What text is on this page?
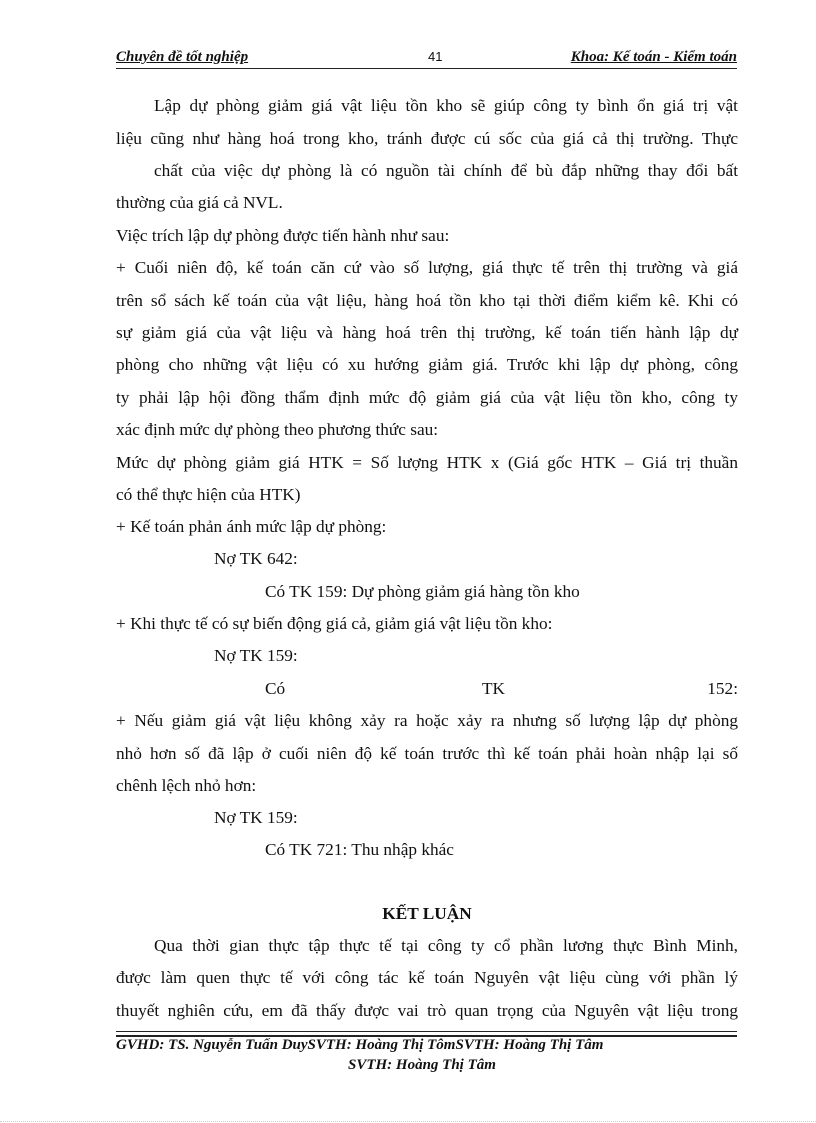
Chuyên đề tốt nghiệp	41	Khoa: Kế toán - Kiểm toán
Lập dự phòng giảm giá vật liệu tồn kho sẽ giúp công ty bình ổn giá trị vật
liệu cũng như hàng hoá trong kho, tránh được cú sốc của giá cả thị trường. Thực
chất của việc dự phòng là có nguồn tài chính để bù đắp những thay đổi bất
thường của giá cả NVL.
Việc trích lập dự phòng được tiến hành như sau:
+ Cuối niên độ, kế toán căn cứ vào số lượng, giá thực tế trên thị trường và giá
trên sổ sách kế toán của vật liệu, hàng hoá tồn kho tại thời điểm kiểm kê. Khi có
sự giảm giá của vật liệu và hàng hoá trên thị trường, kế toán tiến hành lập dự
phòng cho những vật liệu có xu hướng giảm giá. Trước khi lập dự phòng, công
ty phải lập hội đồng thẩm định mức độ giảm giá của vật liệu tồn kho, công ty
xác định mức dự phòng theo phương thức sau:
Mức dự phòng giảm giá HTK = Số lượng HTK x (Giá gốc HTK – Giá trị thuần
có thể thực hiện của HTK)
+ Kế toán phản ánh mức lập dự phòng:
Nợ TK 642:
Có TK 159: Dự phòng giảm giá hàng tồn kho
+ Khi thực tế có sự biến động giá cả, giảm giá vật liệu tồn kho:
Nợ TK 159:
Có	TK	152:
+ Nếu giảm giá vật liệu không xảy ra hoặc xảy ra nhưng số lượng lập dự phòng
nhỏ hơn số đã lập ở cuối niên độ kế toán trước thì kế toán phải hoàn nhập lại số
chênh lệch nhỏ hơn:
Nợ TK 159:
Có TK 721: Thu nhập khác
KẾT LUẬN
Qua thời gian thực tập thực tế tại công ty cổ phần lương thực Bình Minh,
được làm quen thực tế với công tác kế toán Nguyên vật liệu cùng với phần lý
thuyết nghiên cứu, em đã thấy được vai trò quan trọng của Nguyên vật liệu trong
GVHD: TS. Nguyễn Tuấn DuySVTH: Hoàng Thị TômSVTH: Hoàng Thị Tâm
SVTH: Hoàng Thị Tâm
